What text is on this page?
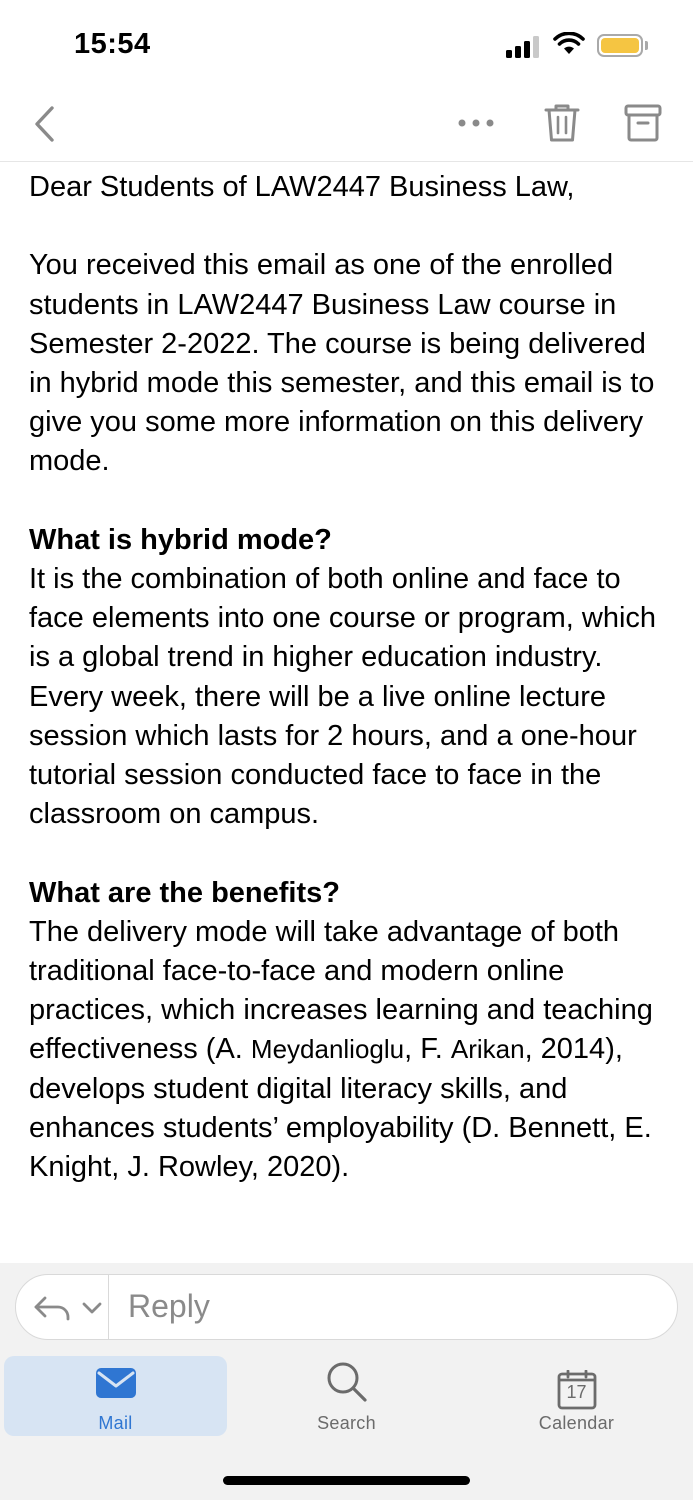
15:54

Dear Students of LAW2447 Business Law,

You received this email as one of the enrolled students in LAW2447 Business Law course in Semester 2-2022. The course is being delivered in hybrid mode this semester, and this email is to give you some more information on this delivery mode.

What is hybrid mode?

It is the combination of both online and face to face elements into one course or program, which is a global trend in higher education industry. Every week, there will be a live online lecture session which lasts for 2 hours, and a one-hour tutorial session conducted face to face in the classroom on campus.

What are the benefits?

The delivery mode will take advantage of both traditional face-to-face and modern online practices, which increases learning and teaching effectiveness (A. Meydanlioglu, F. Arikan, 2014), develops student digital literacy skills, and enhances students’ employability (D. Bennett, E. Knight, J. Rowley, 2020).

Reply
Mail	Search
17
Calendar
